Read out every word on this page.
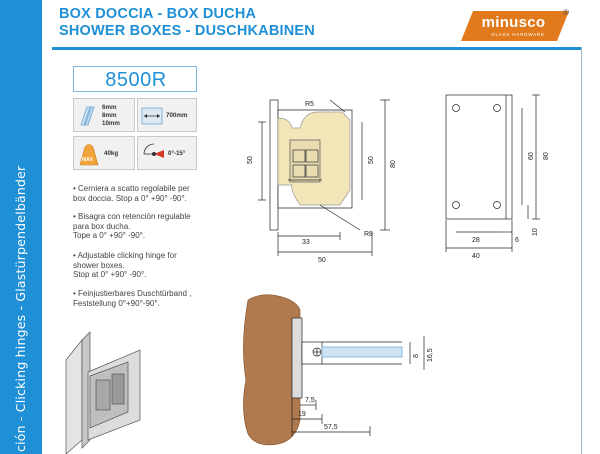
ción - Clicking hinges - Glastürpendelbänder
BOX DOCCIA - BOX DUCHA
SHOWER BOXES - DUSCHKABINEN	minusco
GLASS HARDWARE
®
8500R
6mm
8mm
10mm
700mm
MAX
40kg	0°-15°
• Cerniera a scatto regolabile per
box doccia. Stop a 0° +90° -90°.
• Bisagra con retención regulable
para box ducha.
Tope a 0° +90° -90°.
• Adjustable clicking hinge for
shower boxes.
Stop at 0° +90° -90°.
• Feinjustierbares Duschtürband ,
Feststellung 0°+90°-90°.
R5
50	50
80
33
50
R8
60 80
28	6
40
10
8 16,5
7,5
19
57,5
